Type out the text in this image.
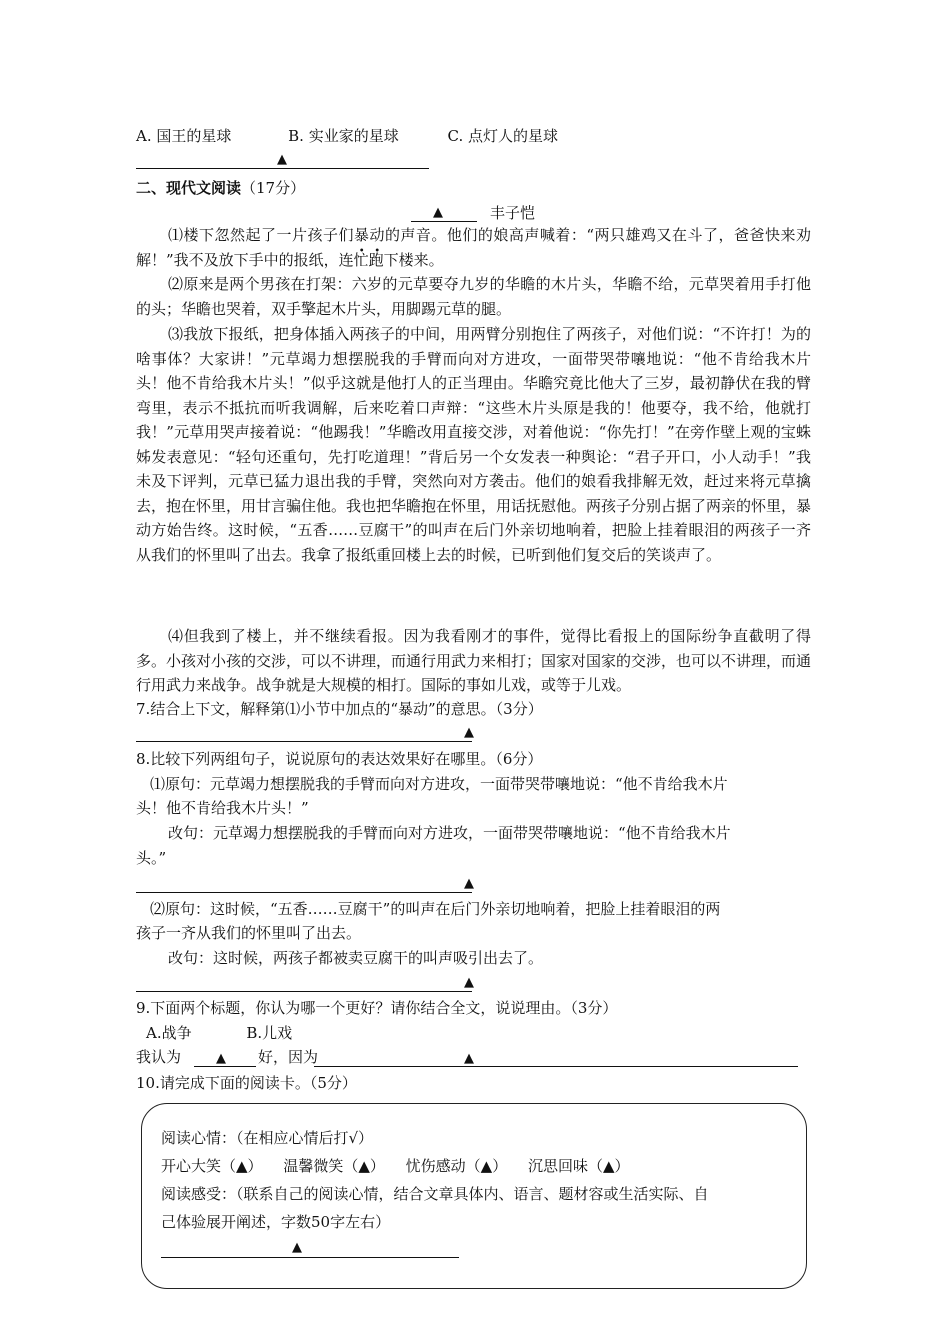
A. 国王的星球	B. 实业家的星球	C. 点灯人的星球
▲
二、现代文阅读（17分）
▲	丰子恺

⑴楼下忽然起了一片孩子们暴动的声音。他们的娘高声喊着：“两只雄鸡又在斗了，爸爸快来劝解！”我不及放下手中的报纸，连忙跑下楼来。

⑵原来是两个男孩在打架：六岁的元草要夺九岁的华瞻的木片头，华瞻不给，元草哭着用手打他的头；华瞻也哭着，双手擎起木片头，用脚踢元草的腿。

⑶我放下报纸，把身体插入两孩子的中间，用两臂分别抱住了两孩子，对他们说：“不许打！为的啥事体？大家讲！”元草竭力想摆脱我的手臂而向对方进攻，一面带哭带嚷地说：“他不肯给我木片头！他不肯给我木片头！”似乎这就是他打人的正当理由。华瞻究竟比他大了三岁，最初静伏在我的臂弯里，表示不抵抗而听我调解，后来吃着口声辩：“这些木片头原是我的！他要夺，我不给，他就打我！”元草用哭声接着说：“他踢我！”华瞻改用直接交涉，对着他说：“你先打！”在旁作壁上观的宝蛛姊发表意见：“轻句还重句，先打吃道理！”背后另一个女发表一种舆论：“君子开口，小人动手！”我未及下评判，元草已猛力退出我的手臂，突然向对方袭击。他们的娘看我排解无效，赶过来将元草擒去，抱在怀里，用甘言骗住他。我也把华瞻抱在怀里，用话抚慰他。两孩子分别占据了两亲的怀里，暴动方始告终。这时候，“五香……豆腐干”的叫声在后门外亲切地响着，把脸上挂着眼泪的两孩子一齐从我们的怀里叫了出去。我拿了报纸重回楼上去的时候，已听到他们复交后的笑谈声了。

⑷但我到了楼上，并不继续看报。因为我看刚才的事件，觉得比看报上的国际纷争直截明了得多。小孩对小孩的交涉，可以不讲理，而通行用武力来相打；国家对国家的交涉，也可以不讲理，而通行用武力来战争。战争就是大规模的相打。国际的事如儿戏，或等于儿戏。

7.结合上下文，解释第⑴小节中加点的“暴动”的意思。（3分）
▲
8.比较下列两组句子，说说原句的表达效果好在哪里。（6分）
⑴原句：元草竭力想摆脱我的手臂而向对方进攻，一面带哭带嚷地说：“他不肯给我木片
头！他不肯给我木片头！”
改句：元草竭力想摆脱我的手臂而向对方进攻，一面带哭带嚷地说：“他不肯给我木片
头。”
▲
⑵原句：这时候，“五香……豆腐干”的叫声在后门外亲切地响着，把脸上挂着眼泪的两
孩子一齐从我们的怀里叫了出去。
改句：这时候，两孩子都被卖豆腐干的叫声吸引出去了。
▲
9.下面两个标题，你认为哪一个更好？请你结合全文，说说理由。（3分）
A.战争	B.儿戏
我认为	▲ 好，因为	▲
10.请完成下面的阅读卡。（5分）
阅读心情：（在相应心情后打√）
开心大笑（▲） 温馨微笑（▲） 忧伤感动（▲） 沉思回味（▲）
阅读感受：（联系自己的阅读心情，结合文章具体内、语言、题材容或生活实际、自
己体验展开阐述，字数50字左右）
▲
